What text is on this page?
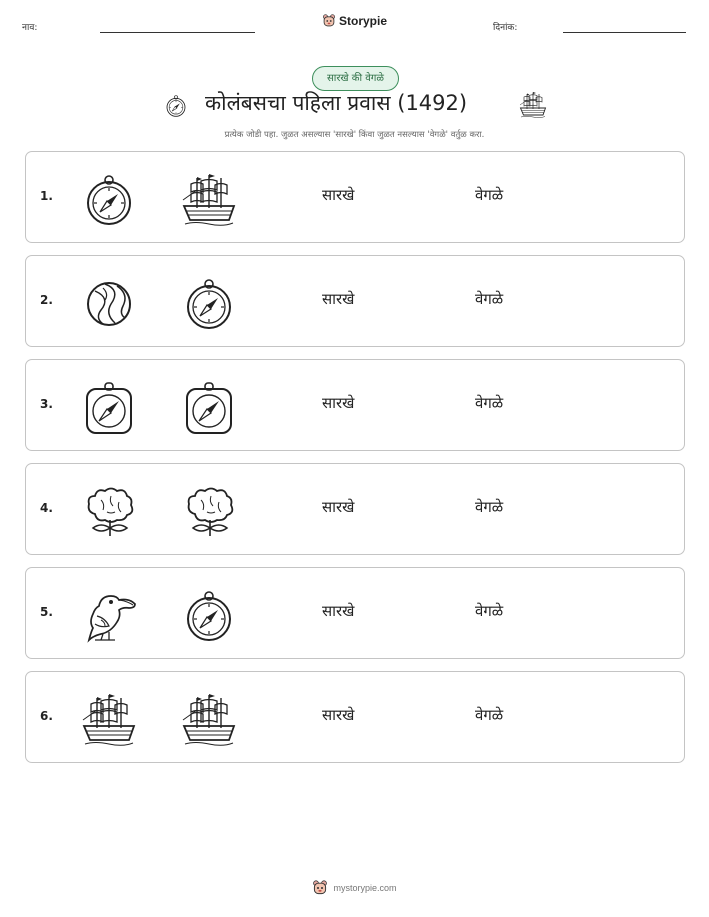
नाव:	Storypie	दिनांक:
सारखे की वेगळे
कोलंबसचा पहिला प्रवास (1492)
प्रत्येक जोडी पहा. जुळत असल्यास 'सारखे' किंवा जुळत नसल्यास 'वेगळे' वर्तुळ करा.
1.	सारखे	वेगळे
2.	सारखे	वेगळे
3.	सारखे	वेगळे
4.	सारखे	वेगळे
5.	सारखे	वेगळे
6.	सारखे	वेगळे
mystorypie.com
